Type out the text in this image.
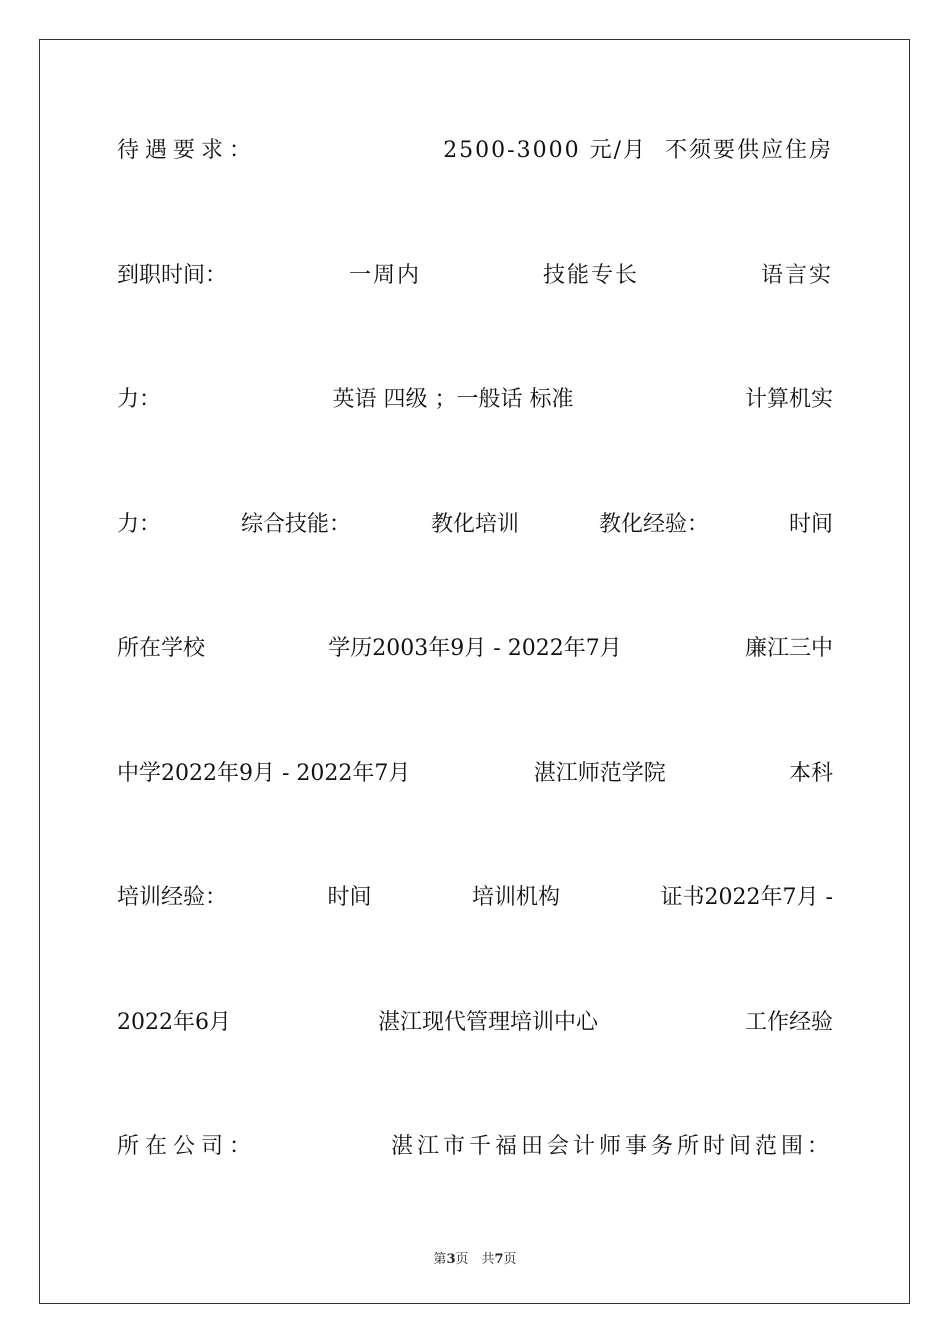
待遇要求：	2500-3000 元/月  不须要供应住房
到职时间：	一周内	技能专长	语言实
力：	英语 四级 ；一般话 标准	计算机实
力：	综合技能：	教化培训	教化经验：	时间
所在学校	学历2003年9月 - 2022年7月	廉江三中
中学2022年9月 - 2022年7月	湛江师范学院	本科
培训经验：	时间	培训机构	证书2022年7月 -
2022年6月	湛江现代管理培训中心	工作经验
所在公司：	湛江市千福田会计师事务所时间范围：
第3页　共7页
